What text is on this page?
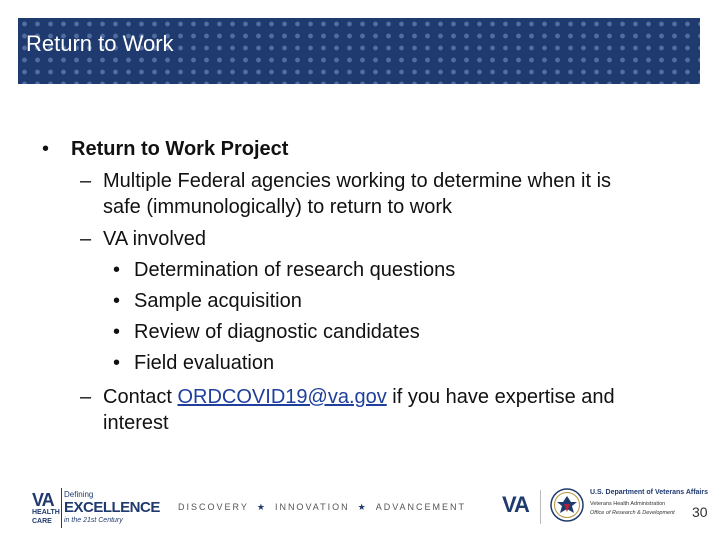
Return to Work
• Return to Work Project
– Multiple Federal agencies working to determine when it is
safe (immunologically) to return to work
– VA involved
• Determination of research questions
• Sample acquisition
• Review of diagnostic candidates
• Field evaluation
– Contact ORDCOVID19@va.gov if you have expertise and
interest
VA
HEALTH
CARE
Defining
EXCELLENCE
in the 21st Century
DISCOVERY ★ INNOVATION ★ ADVANCEMENT VA	U.S. Department of Veterans Affairs
Veterans Health Administration
Office of Research & Development	30
